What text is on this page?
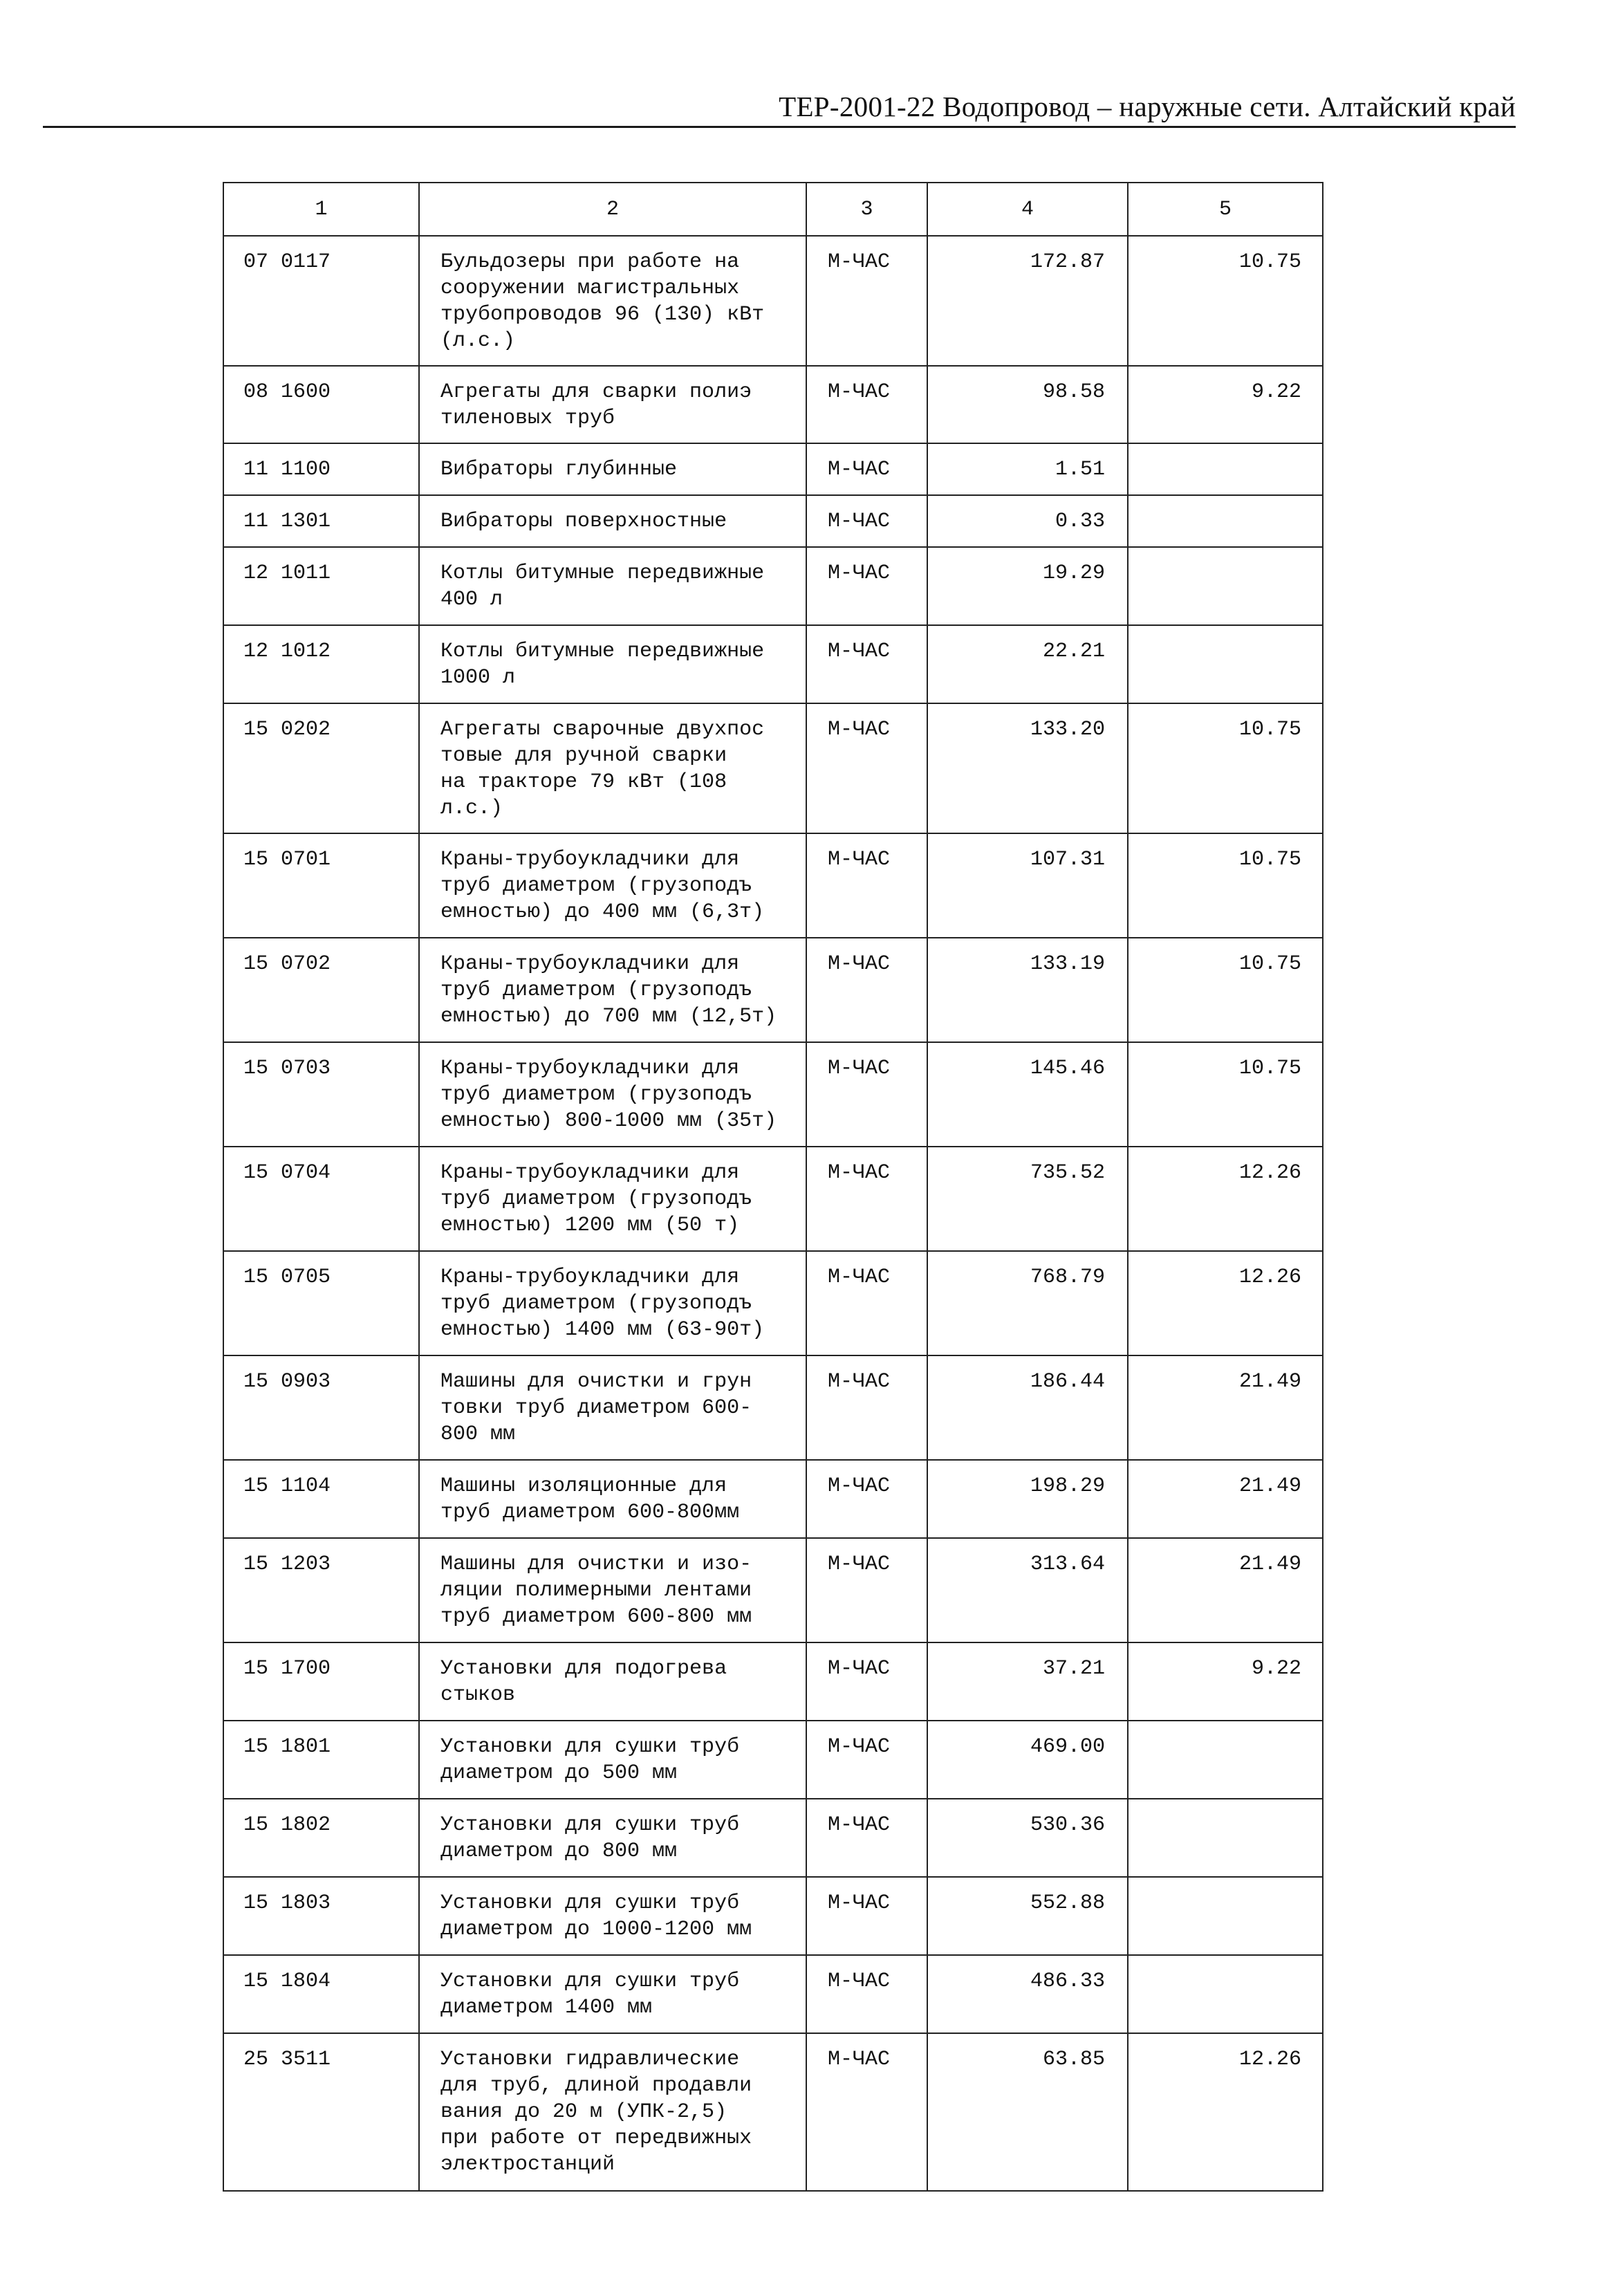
ТЕР-2001-22 Водопровод – наружные сети. Алтайский край
1	2	3	4	5
07 0117	Бульдозеры при работе на
сооружении магистральных
трубопроводов 96 (130) кВт
(л.с.)	М-ЧАС	172.87	10.75
08 1600	Агрегаты для сварки полиэ
тиленовых труб	М-ЧАС	98.58	9.22
11 1100	Вибраторы глубинные	М-ЧАС	1.51	
11 1301	Вибраторы поверхностные	М-ЧАС	0.33	
12 1011	Котлы битумные передвижные
400 л	М-ЧАС	19.29	
12 1012	Котлы битумные передвижные
1000 л	М-ЧАС	22.21	
15 0202	Агрегаты сварочные двухпос
товые для ручной сварки
на тракторе 79 кВт (108
л.с.)	М-ЧАС	133.20	10.75
15 0701	Краны-трубоукладчики для
труб диаметром (грузоподъ
емностью) до 400 мм (6,3т)	М-ЧАС	107.31	10.75
15 0702	Краны-трубоукладчики для
труб диаметром (грузоподъ
емностью) до 700 мм (12,5т)	М-ЧАС	133.19	10.75
15 0703	Краны-трубоукладчики для
труб диаметром (грузоподъ
емностью) 800-1000 мм (35т)	М-ЧАС	145.46	10.75
15 0704	Краны-трубоукладчики для
труб диаметром (грузоподъ
емностью) 1200 мм (50 т)	М-ЧАС	735.52	12.26
15 0705	Краны-трубоукладчики для
труб диаметром (грузоподъ
емностью) 1400 мм (63-90т)	М-ЧАС	768.79	12.26
15 0903	Машины для очистки и грун
товки труб диаметром 600-
800 мм	М-ЧАС	186.44	21.49
15 1104	Машины изоляционные для
труб диаметром 600-800мм	М-ЧАС	198.29	21.49
15 1203	Машины для очистки и изо-
ляции полимерными лентами
труб диаметром 600-800 мм	М-ЧАС	313.64	21.49
15 1700	Установки для подогрева
стыков	М-ЧАС	37.21	9.22
15 1801	Установки для сушки труб
диаметром до 500 мм	М-ЧАС	469.00	
15 1802	Установки для сушки труб
диаметром до 800 мм	М-ЧАС	530.36	
15 1803	Установки для сушки труб
диаметром до 1000-1200 мм	М-ЧАС	552.88	
15 1804	Установки для сушки труб
диаметром 1400 мм	М-ЧАС	486.33	
25 3511	Установки гидравлические
для труб, длиной продавли
вания до 20 м (УПК-2,5)
при работе от передвижных
электростанций	М-ЧАС	63.85	12.26
